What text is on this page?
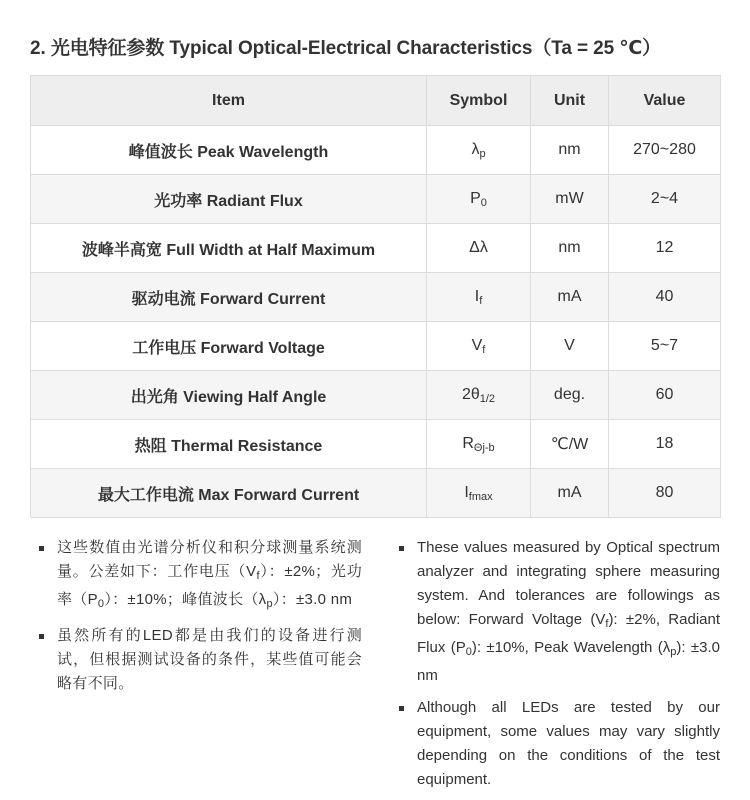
2. 光电特征参数 Typical Optical-Electrical Characteristics（Ta = 25 ℃）
Item	Symbol	Unit	Value
峰值波长 Peak Wavelength	$\lambda_p$	nm	270~280
光功率 Radiant Flux	$P_0$	mW	2~4
波峰半高宽 Full Width at Half Maximum	Δλ	nm	12
驱动电流 Forward Current	$I_f$	mA	40
工作电压 Forward Voltage	$V_f$	V	5~7
出光角 Viewing Half Angle	$2\theta_{1/2}$	deg.	60
热阻 Thermal Resistance	$R_{\Theta j-b}$	℃/W	18
最大工作电流 Max Forward Current	$I_{fmax}$	mA	80
这些数值由光谱分析仪和积分球测量系统测量。公差如下：工作电压$(V_f)$：±2%；光功率$(P_0)$：±10%；峰值波长$(\lambda_p)$：±3.0 nm
虽然所有的LED都是由我们的设备进行测试，但根据测试设备的条件，某些值可能会略有不同。
These values measured by Optical spectrum analyzer and integrating sphere measuring system. And tolerances are followings as below: Forward Voltage $(V_f)$: ±2%, Radiant Flux $(P_0)$: ±10%, Peak Wavelength $(\lambda_p)$: ±3.0 nm
Although all LEDs are tested by our equipment, some values may vary slightly depending on the conditions of the test equipment.
